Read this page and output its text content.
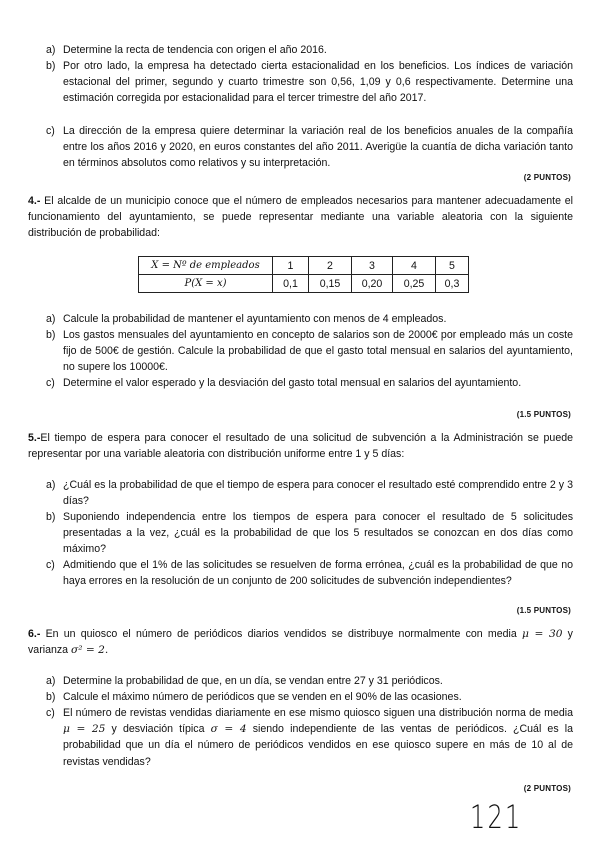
a) Determine la recta de tendencia con origen el año 2016.
b) Por otro lado, la empresa ha detectado cierta estacionalidad en los beneficios. Los índices de variación estacional del primer, segundo y cuarto trimestre son 0,56, 1,09 y 0,6 respectivamente. Determine una estimación corregida por estacionalidad para el tercer trimestre del año 2017.
c) La dirección de la empresa quiere determinar la variación real de los beneficios anuales de la compañía entre los años 2016 y 2020, en euros constantes del año 2011. Averigüe la cuantía de dicha variación tanto en términos absolutos como relativos y su interpretación.
(2 PUNTOS)
4.- El alcalde de un municipio conoce que el número de empleados necesarios para mantener adecuadamente el funcionamiento del ayuntamiento, se puede representar mediante una variable aleatoria con la siguiente distribución de probabilidad:
X = Nº de empleados	1	2	3	4	5
P(X = x)	0,1	0,15	0,20	0,25	0,3
a) Calcule la probabilidad de mantener el ayuntamiento con menos de 4 empleados.
b) Los gastos mensuales del ayuntamiento en concepto de salarios son de 2000€ por empleado más un coste fijo de 500€ de gestión. Calcule la probabilidad de que el gasto total mensual en salarios del ayuntamiento, no supere los 10000€.
c) Determine el valor esperado y la desviación del gasto total mensual en salarios del ayuntamiento.
(1.5 PUNTOS)
5.-El tiempo de espera para conocer el resultado de una solicitud de subvención a la Administración se puede representar por una variable aleatoria con distribución uniforme entre 1 y 5 días:
a) ¿Cuál es la probabilidad de que el tiempo de espera para conocer el resultado esté comprendido entre 2 y 3 días?
b) Suponiendo independencia entre los tiempos de espera para conocer el resultado de 5 solicitudes presentadas a la vez, ¿cuál es la probabilidad de que los 5 resultados se conozcan en dos días como máximo?
c) Admitiendo que el 1% de las solicitudes se resuelven de forma errónea, ¿cuál es la probabilidad de que no haya errores en la resolución de un conjunto de 200 solicitudes de subvención independientes?
(1.5 PUNTOS)
6.- En un quiosco el número de periódicos diarios vendidos se distribuye normalmente con media μ = 30 y varianza σ² = 2.
a) Determine la probabilidad de que, en un día, se vendan entre 27 y 31 periódicos.
b) Calcule el máximo número de periódicos que se venden en el 90% de las ocasiones.
c) El número de revistas vendidas diariamente en ese mismo quiosco siguen una distribución norma de media μ = 25 y desviación típica σ = 4 siendo independiente de las ventas de periódicos. ¿Cuál es la probabilidad que un día el número de periódicos vendidos en ese quiosco supere en más de 10 al de revistas vendidas?
(2 PUNTOS)
121
